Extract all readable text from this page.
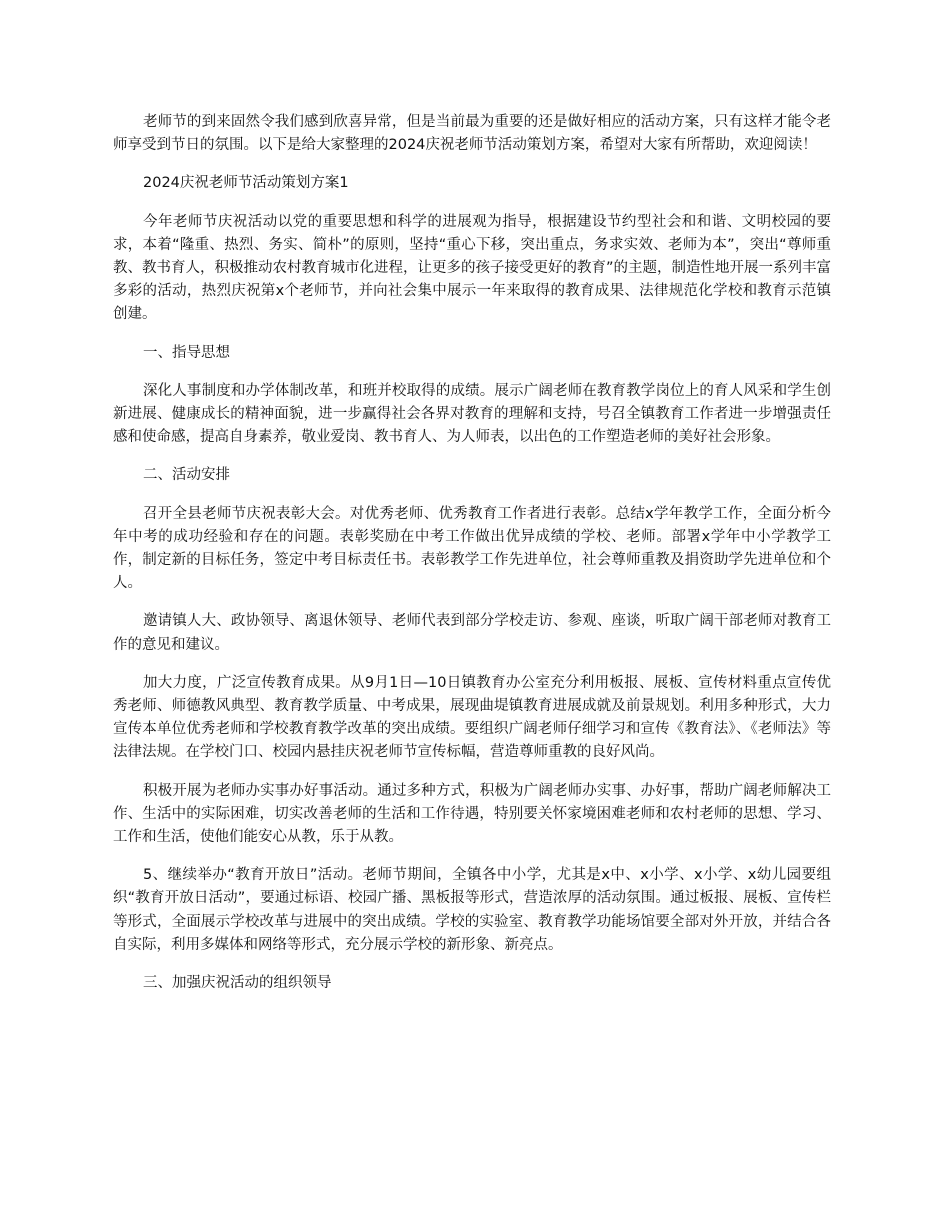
老师节的到来固然令我们感到欣喜异常，但是当前最为重要的还是做好相应的活动方案，只有这样才能令老师享受到节日的氛围。以下是给大家整理的2024庆祝老师节活动策划方案，希望对大家有所帮助，欢迎阅读！

2024庆祝老师节活动策划方案1

今年老师节庆祝活动以党的重要思想和科学的进展观为指导，根据建设节约型社会和和谐、文明校园的要求，本着“隆重、热烈、务实、简朴”的原则，坚持“重心下移，突出重点，务求实效、老师为本”，突出“尊师重教、教书育人，积极推动农村教育城市化进程，让更多的孩子接受更好的教育”的主题，制造性地开展一系列丰富多彩的活动，热烈庆祝第x个老师节，并向社会集中展示一年来取得的教育成果、法律规范化学校和教育示范镇创建。

一、指导思想

深化人事制度和办学体制改革，和班并校取得的成绩。展示广阔老师在教育教学岗位上的育人风采和学生创新进展、健康成长的精神面貌，进一步赢得社会各界对教育的理解和支持，号召全镇教育工作者进一步增强责任感和使命感，提高自身素养，敬业爱岗、教书育人、为人师表，以出色的工作塑造老师的美好社会形象。

二、活动安排

召开全县老师节庆祝表彰大会。对优秀老师、优秀教育工作者进行表彰。总结x学年教学工作，全面分析今年中考的成功经验和存在的问题。表彰奖励在中考工作做出优异成绩的学校、老师。部署x学年中小学教学工作，制定新的目标任务，签定中考目标责任书。表彰教学工作先进单位，社会尊师重教及捐资助学先进单位和个人。

邀请镇人大、政协领导、离退休领导、老师代表到部分学校走访、参观、座谈，听取广阔干部老师对教育工作的意见和建议。

加大力度，广泛宣传教育成果。从9月1日—10日镇教育办公室充分利用板报、展板、宣传材料重点宣传优秀老师、师德教风典型、教育教学质量、中考成果，展现曲堤镇教育进展成就及前景规划。利用多种形式，大力宣传本单位优秀老师和学校教育教学改革的突出成绩。要组织广阔老师仔细学习和宣传《教育法》、《老师法》等法律法规。在学校门口、校园内悬挂庆祝老师节宣传标幅，营造尊师重教的良好风尚。

积极开展为老师办实事办好事活动。通过多种方式，积极为广阔老师办实事、办好事，帮助广阔老师解决工作、生活中的实际困难，切实改善老师的生活和工作待遇，特别要关怀家境困难老师和农村老师的思想、学习、工作和生活，使他们能安心从教，乐于从教。

5、继续举办“教育开放日”活动。老师节期间，全镇各中小学，尤其是x中、x小学、x小学、x幼儿园要组织“教育开放日活动”，要通过标语、校园广播、黑板报等形式，营造浓厚的活动氛围。通过板报、展板、宣传栏等形式，全面展示学校改革与进展中的突出成绩。学校的实验室、教育教学功能场馆要全部对外开放，并结合各自实际，利用多媒体和网络等形式，充分展示学校的新形象、新亮点。

三、加强庆祝活动的组织领导
